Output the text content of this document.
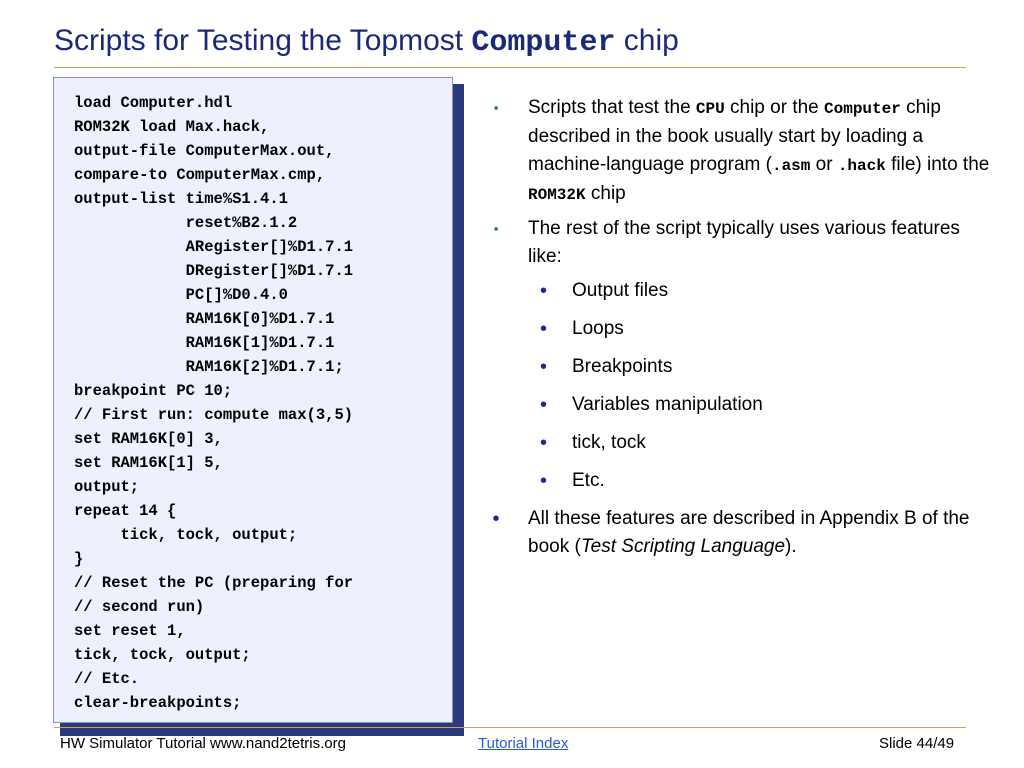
Scripts for Testing the Topmost Computer chip
load Computer.hdl
ROM32K load Max.hack,
output-file ComputerMax.out,
compare-to ComputerMax.cmp,
output-list time%S1.4.1
reset%B2.1.2
ARegister[]%D1.7.1
DRegister[]%D1.7.1
PC[]%D0.4.0
RAM16K[0]%D1.7.1
RAM16K[1]%D1.7.1
RAM16K[2]%D1.7.1;
breakpoint PC 10;
// First run: compute max(3,5)
set RAM16K[0] 3,
set RAM16K[1] 5,
output;
repeat 14 {
tick, tock, output;
}
// Reset the PC (preparing for
// second run)
set reset 1,
tick, tock, output;
// Etc.
clear-breakpoints;
▪ Scripts that test the CPU chip or the Computer chip described in the book usually start by loading a machine-language program (.asm or .hack file) into the ROM32K chip
▪ The rest of the script typically uses various features like:
• Output files
• Loops
• Breakpoints
• Variables manipulation
• tick, tock
• Etc.
• All these features are described in Appendix B of the book (Test Scripting Language).
HW Simulator Tutorial www.nand2tetris.org	Tutorial Index	Slide 44/49
